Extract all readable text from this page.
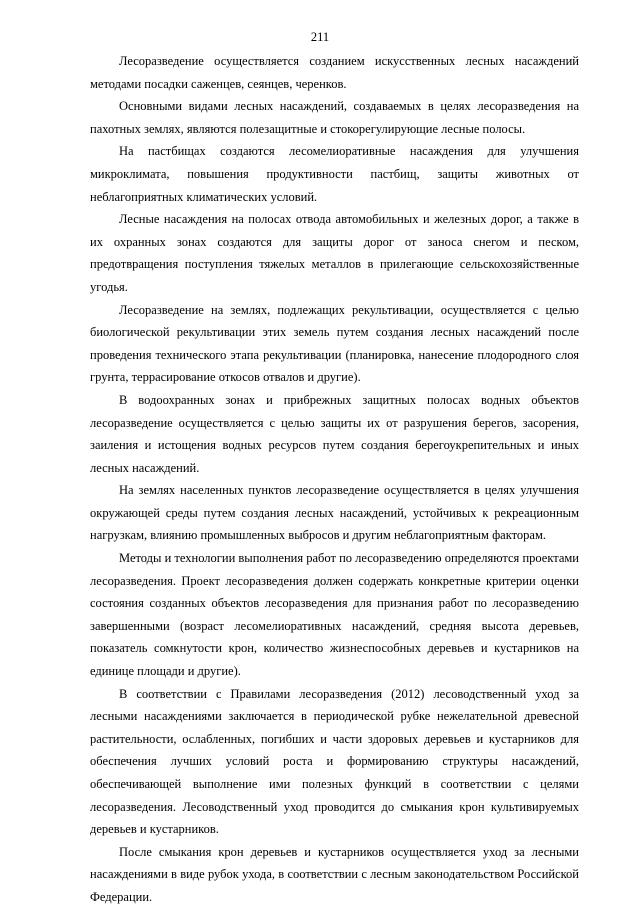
211

Лесоразведение осуществляется созданием искусственных лесных насаждений методами посадки саженцев, сеянцев, черенков.

Основными видами лесных насаждений, создаваемых в целях лесоразведения на пахотных землях, являются полезащитные и стокорегулирующие лесные полосы.

На пастбищах создаются лесомелиоративные насаждения для улучшения микроклимата, повышения продуктивности пастбищ, защиты животных от неблагоприятных климатических условий.

Лесные насаждения на полосах отвода автомобильных и железных дорог, а также в их охранных зонах создаются для защиты дорог от заноса снегом и песком, предотвращения поступления тяжелых металлов в прилегающие сельскохозяйственные угодья.

Лесоразведение на землях, подлежащих рекультивации, осуществляется с целью биологической рекультивации этих земель путем создания лесных насаждений после проведения технического этапа рекультивации (планировка, нанесение плодородного слоя грунта, террасирование откосов отвалов и другие).

В водоохранных зонах и прибрежных защитных полосах водных объектов лесоразведение осуществляется с целью защиты их от разрушения берегов, засорения, заиления и истощения водных ресурсов путем создания берегоукрепительных и иных лесных насаждений.

На землях населенных пунктов лесоразведение осуществляется в целях улучшения окружающей среды путем создания лесных насаждений, устойчивых к рекреационным нагрузкам, влиянию промышленных выбросов и другим неблагоприятным факторам.

Методы и технологии выполнения работ по лесоразведению определяются проектами лесоразведения. Проект лесоразведения должен содержать конкретные критерии оценки состояния созданных объектов лесоразведения для признания работ по лесоразведению завершенными (возраст лесомелиоративных насаждений, средняя высота деревьев, показатель сомкнутости крон, количество жизнеспособных деревьев и кустарников на единице площади и другие).

В соответствии с Правилами лесоразведения (2012) лесоводственный уход за лесными насаждениями заключается в периодической рубке нежелательной древесной растительности, ослабленных, погибших и части здоровых деревьев и кустарников для обеспечения лучших условий роста и формированию структуры насаждений, обеспечивающей выполнение ими полезных функций в соответствии с целями лесоразведения. Лесоводственный уход проводится до смыкания крон культивируемых деревьев и кустарников.

После смыкания крон деревьев и кустарников осуществляется уход за лесными насаждениями в виде рубок ухода, в соответствии с лесным законодательством Российской Федерации.
